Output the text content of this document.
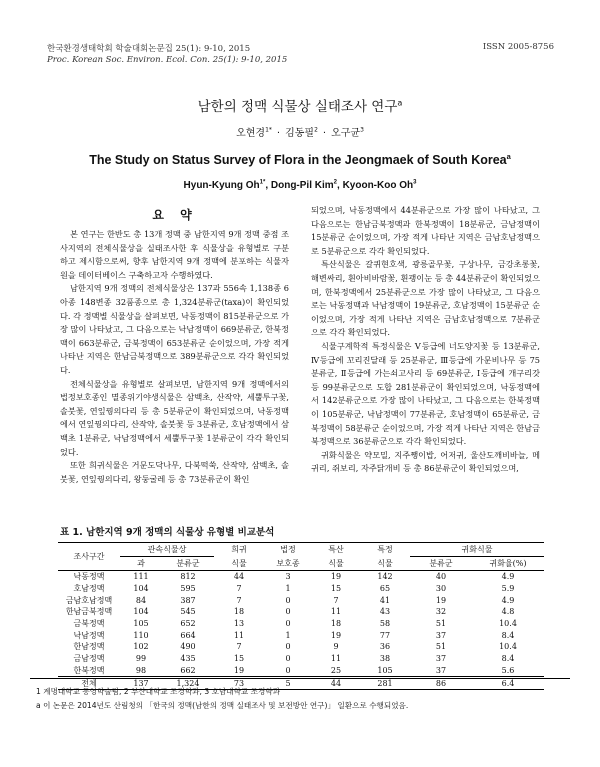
한국환경생태학회 학술대회논문집 25(1): 9-10, 2015	ISSN 2005-8756
Proc. Korean Soc. Environ. Ecol. Con. 25(1): 9-10, 2015
남한의 정맥 식물상 실태조사 연구$^a$
오현경$^{1*}$ · 김동필$^2$ · 오구균$^3$
The Study on Status Survey of Flora in the Jeongmaek of South Korea$^a$
Hyun-Kyung $Oh^{1*}$, Dong-Pil Kim$^2$, Kyoon-Koo Oh$^3$
요 약

본 연구는 한반도 총 13개 정맥 중 남한지역 9개 정맥 중점 조사지역의 전체식물상을 실태조사한 후 식물상을 유형별로 구분하고 제시함으로써, 향후 남한지역 9개 정맥에 분포하는 식물자원을 데이터베이스 구축하고자 수행하였다.

남한지역 9개 정맥의 전체식물상은 137과 556속 1,138종 6아종 148변종 32품종으로 총 1,324분류군(taxa)이 확인되었다. 각 정맥별 식물상을 살펴보면, 낙동정맥이 815분류군으로 가장 많이 나타났고, 그 다음으로는 낙남정맥이 669분류군, 한북정맥이 663분류군, 금북정맥이 653분류군 순이었으며, 가장 적게 나타난 지역은 한남금북정맥으로 389분류군으로 각각 확인되었다.

전체식물상을 유형별로 살펴보면, 남한지역 9개 정맥에서의 법정보호종인 멸종위기야생식물은 삼백초, 산작약, 세뿔투구꽃, 솔붓꽃, 연잎꿩의다리 등 총 5분류군이 확인되었으며, 낙동정맥에서 연잎꿩의다리, 산작약, 솔붓꽃 등 3분류군, 호남정맥에서 삼백초 1분류군, 낙남정맥에서 세뿔투구꽃 1분류군이 각각 확인되었다.

또한 희귀식물은 거문도닥나무, 다북떡쑥, 산작약, 삼백초, 솔붓꽃, 연잎꿩의다리, 왕둥굴레 등 총 73분류군이 확인

되었으며, 낙동정맥에서 44분류군으로 가장 많이 나타났고, 그 다음으로는 한남금북정맥과 한북정맥이 18분류군, 금남정맥이 15분류군 순이었으며, 가장 적게 나타난 지역은 금남호남정맥으로 5분류군으로 각각 확인되었다.

특산식물은 갈퀴현호색, 광릉골무꽃, 구상나무, 금강초롱꽃, 해변싸리, 흰아비바람꽃, 흰괭이눈 등 총 44분류군이 확인되었으며, 한북정맥에서 25분류군으로 가장 많이 나타났고, 그 다음으로는 낙동정맥과 낙남정맥이 19분류군, 호남정맥이 15분류군 순이었으며, 가장 적게 나타난 지역은 금남호남정맥으로 7분류군으로 각각 확인되었다.

식물구계학적 특정식물은 Ⅴ등급에 너도양지꽃 등 13분류군, Ⅳ등급에 꼬리진달래 등 25분류군, Ⅲ등급에 가문비나무 등 75분류군, Ⅱ등급에 가는쇠고사리 등 69분류군, Ⅰ등급에 개구리갓 등 99분류군으로 도합 281분류군이 확인되었으며, 낙동정맥에서 142분류군으로 가장 많이 나타났고, 그 다음으로는 한북정맥이 105분류군, 낙남정맥이 77분류군, 호남정맥이 65분류군, 금북정맥이 58분류군 순이었으며, 가장 적게 나타난 지역은 한남금북정맥으로 36분류군으로 각각 확인되었다.

귀화식물은 약모밀, 지주쨍이밥, 어저귀, 울산도깨비바늘, 메귀리, 쥐보리, 자주닭개비 등 총 86분류군이 확인되었으며,

표 1. 남한지역 9개 정맥의 식물상 유형별 비교분석
조사구간	관속식물상		희귀	법정	특산	특정	귀화식물	
	과	분류군	식물	보호종	식물	식물	분류군	귀화율(%)
낙동정맥	111	812	44	3	19	142	40	4.9
호남정맥	104	595	7	1	15	65	30	5.9
금남호남정맥	84	387	7	0	7	41	19	4.9
한남금북정맥	104	545	18	0	11	43	32	4.8
금북정맥	105	652	13	0	18	58	51	10.4
낙남정맥	110	664	11	1	19	77	37	8.4
한남정맥	102	490	7	0	9	36	51	10.4
금남정맥	99	435	15	0	11	38	37	8.4
한북정맥	98	662	19	0	25	105	37	5.6
전체	137	1,324	73	5	44	281	86	6.4
1 계명대학교 동영학술림, 2 부산대학교 조경학과, 3 호남대학교 조경학과
a 이 논문은 2014년도 산림청의 「한국의 정맥(남한의 정맥 실태조사 및 보전방안 연구)」 일환으로 수행되었음.
